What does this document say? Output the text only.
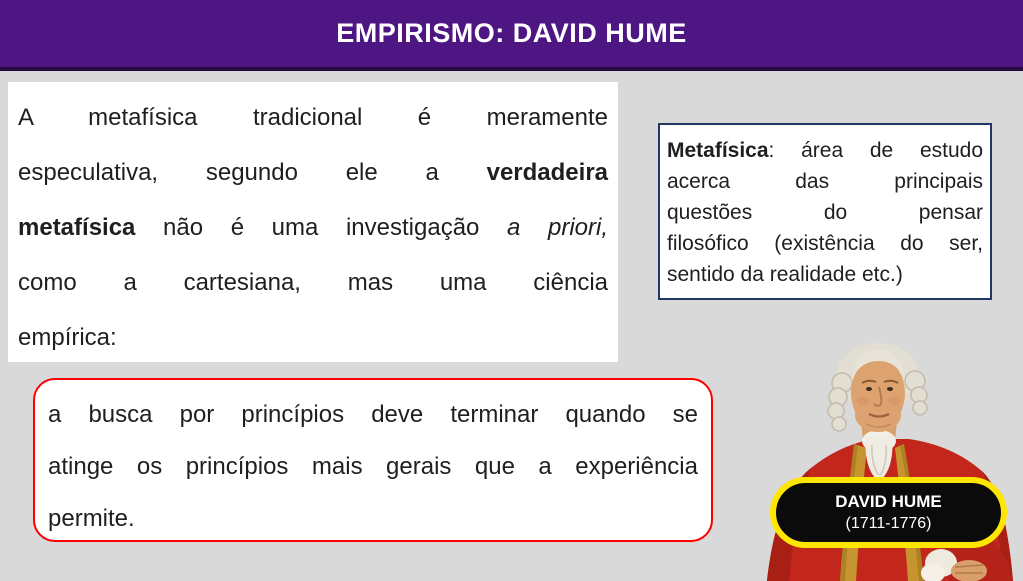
EMPIRISMO: DAVID HUME
A metafísica tradicional é meramente
especulativa, segundo ele a verdadeira
metafísica não é uma investigação a priori,
como a cartesiana, mas uma ciência
empírica:
Metafísica: área de estudo
acerca das principais
questões do pensar
filosófico (existência do ser,
sentido da realidade etc.)
a busca por princípios deve terminar quando se
atinge os princípios mais gerais que a experiência
permite.
DAVID HUME
(1711-1776)
